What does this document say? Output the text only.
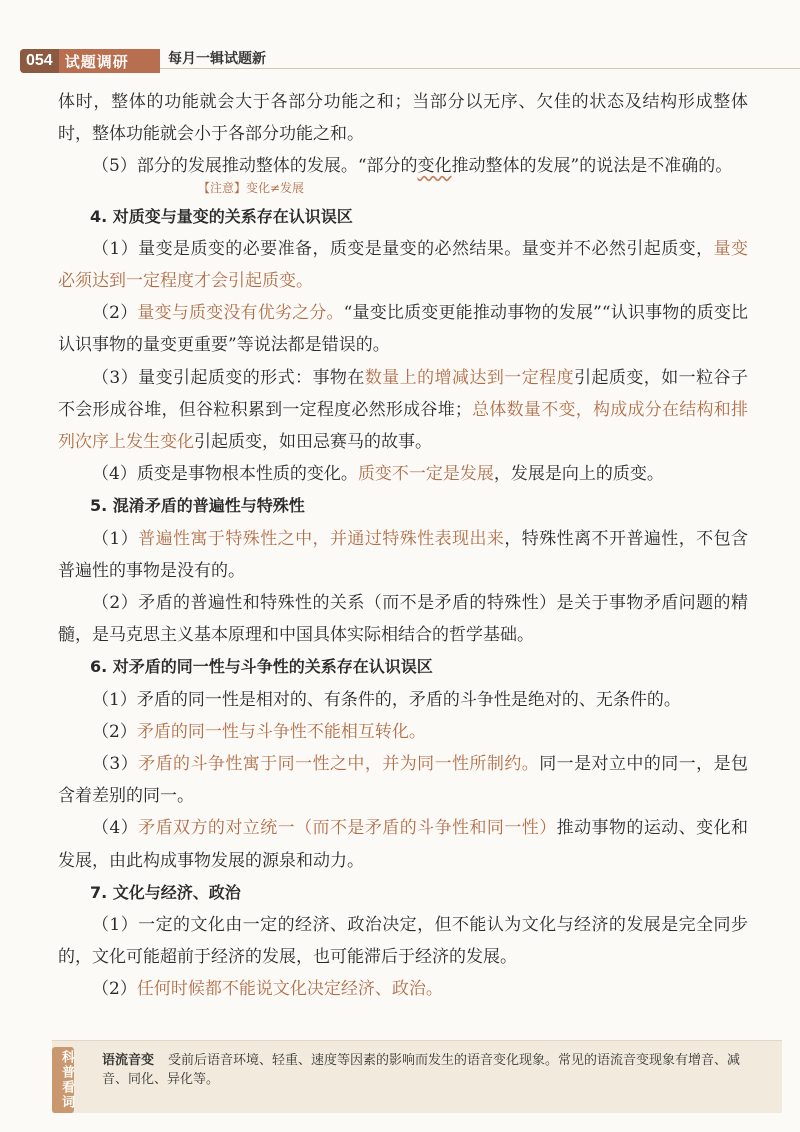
054 试题调研	每月一辑试题新

体时，整体的功能就会大于各部分功能之和；当部分以无序、欠佳的状态及结构形成整体时，整体功能就会小于各部分功能之和。

（5）部分的发展推动整体的发展。“部分的变化推动整体的发展”的说法是不准确的。

【注意】变化≠发展

4. 对质变与量变的关系存在认识误区

（1）量变是质变的必要准备，质变是量变的必然结果。量变并不必然引起质变，量变必须达到一定程度才会引起质变。

（2）量变与质变没有优劣之分。“量变比质变更能推动事物的发展”“认识事物的质变比认识事物的量变更重要”等说法都是错误的。

（3）量变引起质变的形式：事物在数量上的增减达到一定程度引起质变，如一粒谷子不会形成谷堆，但谷粒积累到一定程度必然形成谷堆；总体数量不变，构成成分在结构和排列次序上发生变化引起质变，如田忌赛马的故事。

（4）质变是事物根本性质的变化。质变不一定是发展，发展是向上的质变。

5. 混淆矛盾的普遍性与特殊性

（1）普遍性寓于特殊性之中，并通过特殊性表现出来，特殊性离不开普遍性，不包含普遍性的事物是没有的。

（2）矛盾的普遍性和特殊性的关系（而不是矛盾的特殊性）是关于事物矛盾问题的精髓，是马克思主义基本原理和中国具体实际相结合的哲学基础。

6. 对矛盾的同一性与斗争性的关系存在认识误区

（1）矛盾的同一性是相对的、有条件的，矛盾的斗争性是绝对的、无条件的。

（2）矛盾的同一性与斗争性不能相互转化。

（3）矛盾的斗争性寓于同一性之中，并为同一性所制约。同一是对立中的同一，是包含着差别的同一。

（4）矛盾双方的对立统一（而不是矛盾的斗争性和同一性）推动事物的运动、变化和发展，由此构成事物发展的源泉和动力。

7. 文化与经济、政治

（1）一定的文化由一定的经济、政治决定，但不能认为文化与经济的发展是完全同步的，文化可能超前于经济的发展，也可能滞后于经济的发展。

（2）任何时候都不能说文化决定经济、政治。

科普看词 语流音变 受前后语音环境、轻重、速度等因素的影响而发生的语音变化现象。常见的语流音变现象有增音、减音、同化、异化等。
